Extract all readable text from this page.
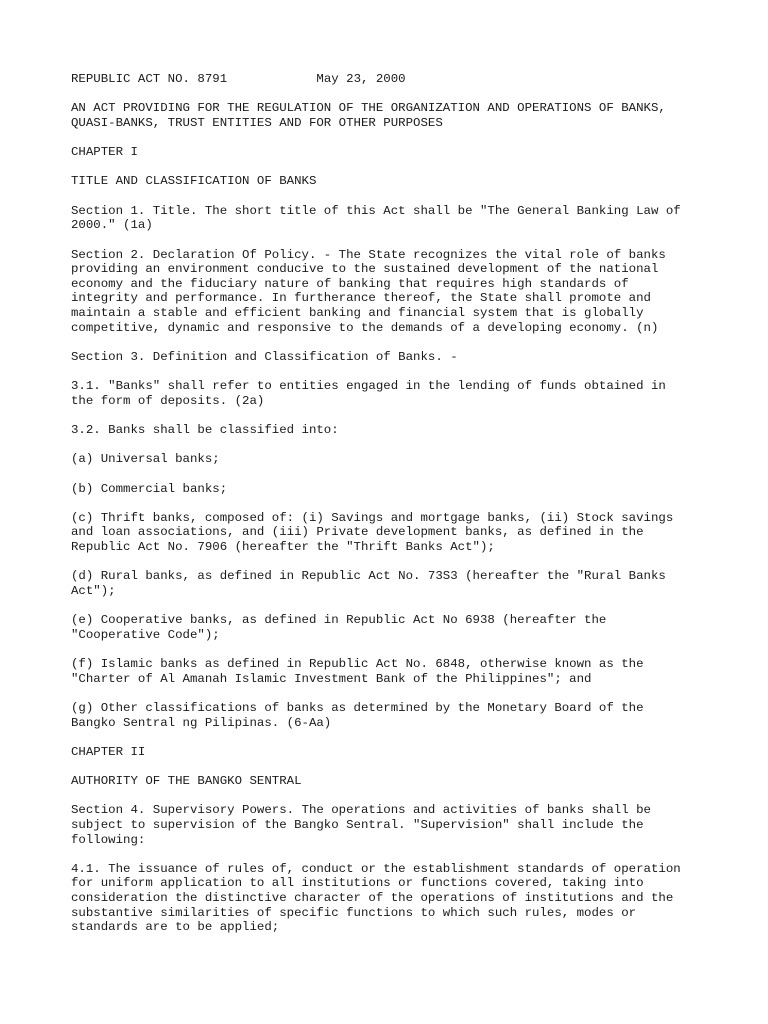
REPUBLIC ACT NO. 8791	May 23, 2000
AN ACT PROVIDING FOR THE REGULATION OF THE ORGANIZATION AND OPERATIONS OF BANKS,
QUASI-BANKS, TRUST ENTITIES AND FOR OTHER PURPOSES
CHAPTER I
TITLE AND CLASSIFICATION OF BANKS
Section 1. Title. The short title of this Act shall be "The General Banking Law of
2000." (1a)
Section 2. Declaration Of Policy. - The State recognizes the vital role of banks
providing an environment conducive to the sustained development of the national
economy and the fiduciary nature of banking that requires high standards of
integrity and performance. In furtherance thereof, the State shall promote and
maintain a stable and efficient banking and financial system that is globally
competitive, dynamic and responsive to the demands of a developing economy. (n)
Section 3. Definition and Classification of Banks. -
3.1. "Banks" shall refer to entities engaged in the lending of funds obtained in
the form of deposits. (2a)
3.2. Banks shall be classified into:
(a) Universal banks;
(b) Commercial banks;
(c) Thrift banks, composed of: (i) Savings and mortgage banks, (ii) Stock savings
and loan associations, and (iii) Private development banks, as defined in the
Republic Act No. 7906 (hereafter the "Thrift Banks Act");
(d) Rural banks, as defined in Republic Act No. 73S3 (hereafter the "Rural Banks
Act");
(e) Cooperative banks, as defined in Republic Act No 6938 (hereafter the
"Cooperative Code");
(f) Islamic banks as defined in Republic Act No. 6848, otherwise known as the
"Charter of Al Amanah Islamic Investment Bank of the Philippines"; and
(g) Other classifications of banks as determined by the Monetary Board of the
Bangko Sentral ng Pilipinas. (6-Aa)
CHAPTER II
AUTHORITY OF THE BANGKO SENTRAL
Section 4. Supervisory Powers. The operations and activities of banks shall be
subject to supervision of the Bangko Sentral. "Supervision" shall include the
following:
4.1. The issuance of rules of, conduct or the establishment standards of operation
for uniform application to all institutions or functions covered, taking into
consideration the distinctive character of the operations of institutions and the
substantive similarities of specific functions to which such rules, modes or
standards are to be applied;
